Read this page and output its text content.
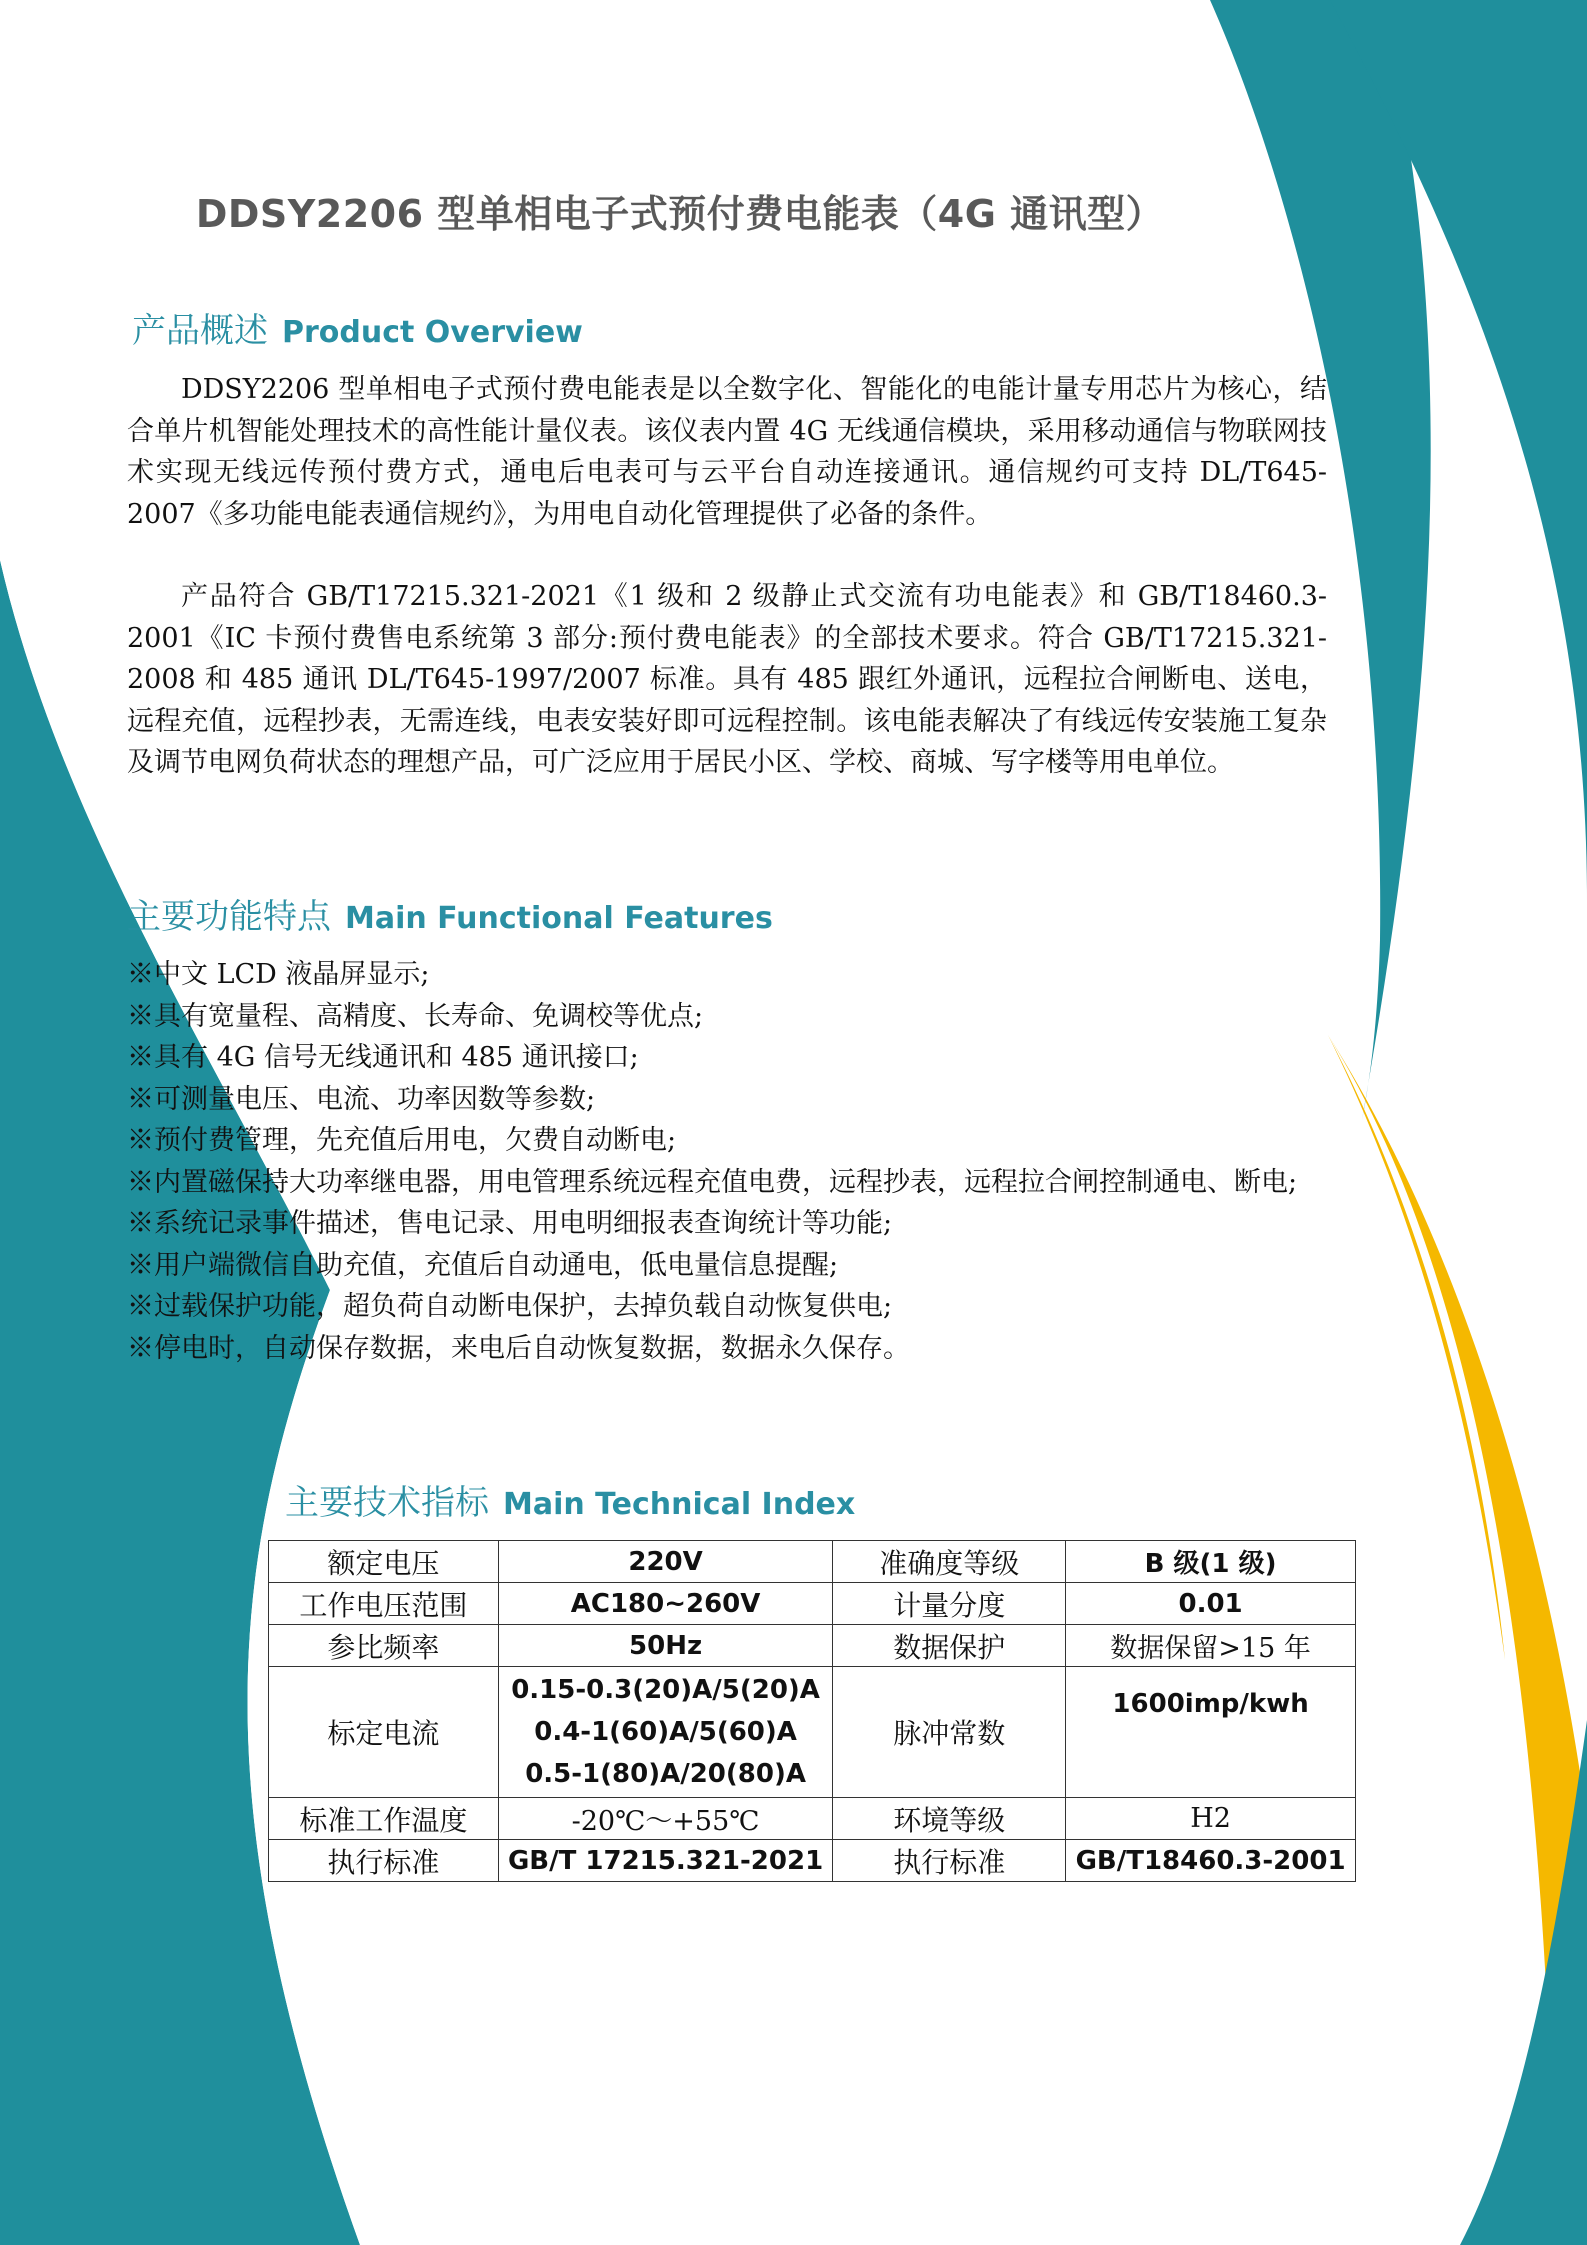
DDSY2206 型单相电子式预付费电能表（4G 通讯型）
产品概述 Product Overview

DDSY2206 型单相电子式预付费电能表是以全数字化、智能化的电能计量专用芯片为核心，结合单片机智能处理技术的高性能计量仪表。该仪表内置 4G 无线通信模块，采用移动通信与物联网技术实现无线远传预付费方式，通电后电表可与云平台自动连接通讯。通信规约可支持 DL/T645-2007《多功能电能表通信规约》，为用电自动化管理提供了必备的条件。

产品符合 GB/T17215.321-2021《1 级和 2 级静止式交流有功电能表》和 GB/T18460.3-2001《IC 卡预付费售电系统第 3 部分:预付费电能表》的全部技术要求。符合 GB/T17215.321-2008 和 485 通讯 DL/T645-1997/2007 标准。具有 485 跟红外通讯，远程拉合闸断电、送电，远程充值，远程抄表，无需连线，电表安装好即可远程控制。该电能表解决了有线远传安装施工复杂及调节电网负荷状态的理想产品，可广泛应用于居民小区、学校、商城、写字楼等用电单位。

主要功能特点 Main Functional Features

※中文 LCD 液晶屏显示;

※具有宽量程、高精度、长寿命、免调校等优点;

※具有 4G 信号无线通讯和 485 通讯接口;

※可测量电压、电流、功率因数等参数;

※预付费管理，先充值后用电，欠费自动断电;

※内置磁保持大功率继电器，用电管理系统远程充值电费，远程抄表，远程拉合闸控制通电、断电;

※系统记录事件描述，售电记录、用电明细报表查询统计等功能;

※用户端微信自助充值，充值后自动通电，低电量信息提醒;

※过载保护功能，超负荷自动断电保护，去掉负载自动恢复供电;

※停电时，自动保存数据，来电后自动恢复数据，数据永久保存。

主要技术指标 Main Technical Index
额定电压	220V	准确度等级	B 级(1 级)
工作电压范围	AC180~260V	计量分度	0.01
参比频率	50Hz	数据保护	数据保留>15 年
标定电流	0.15-0.3(20)A/5(20)A
0.4-1(60)A/5(60)A
0.5-1(80)A/20(80)A	脉冲常数	1600imp/kwh
标准工作温度	-20℃～+55℃	环境等级	H2
执行标准	GB/T 17215.321-2021	执行标准	GB/T18460.3-2001
